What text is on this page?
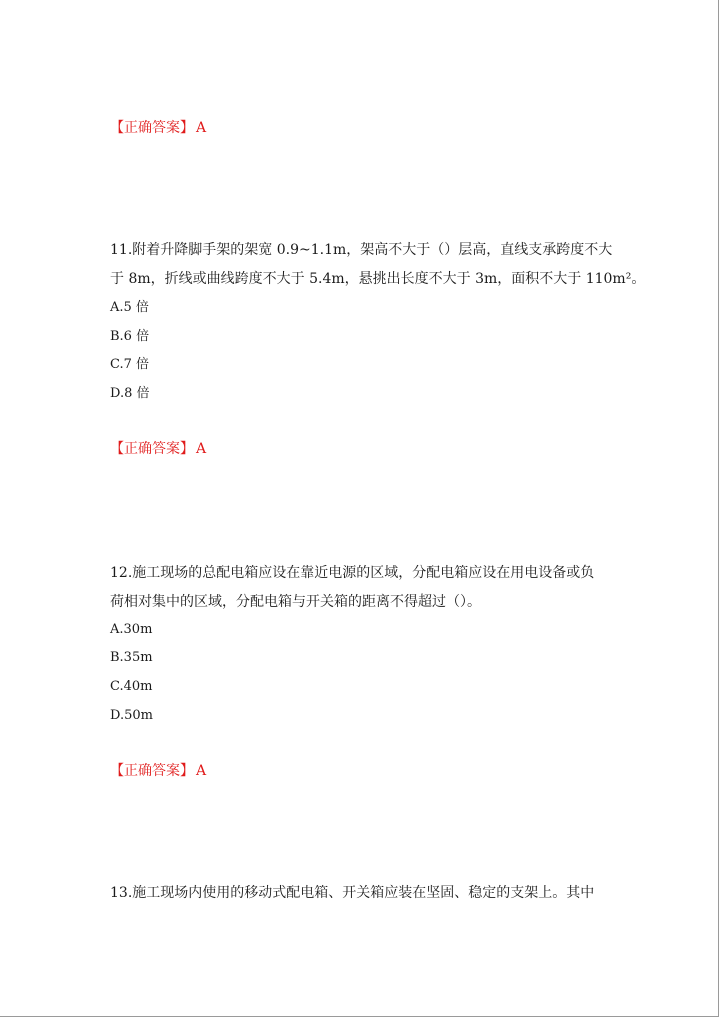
【正确答案】 A
11.附着升降脚手架的架宽 0.9~1.1m，架高不大于（）层高，直线支承跨度不大
于 8m，折线或曲线跨度不大于 5.4m，悬挑出长度不大于 3m，面积不大于 110m²。
A.5 倍
B.6 倍
C.7 倍
D.8 倍
【正确答案】 A
12.施工现场的总配电箱应设在靠近电源的区域，分配电箱应设在用电设备或负
荷相对集中的区域，分配电箱与开关箱的距离不得超过（）。
A.30m
B.35m
C.40m
D.50m
【正确答案】 A
13.施工现场内使用的移动式配电箱、开关箱应装在坚固、稳定的支架上。其中
